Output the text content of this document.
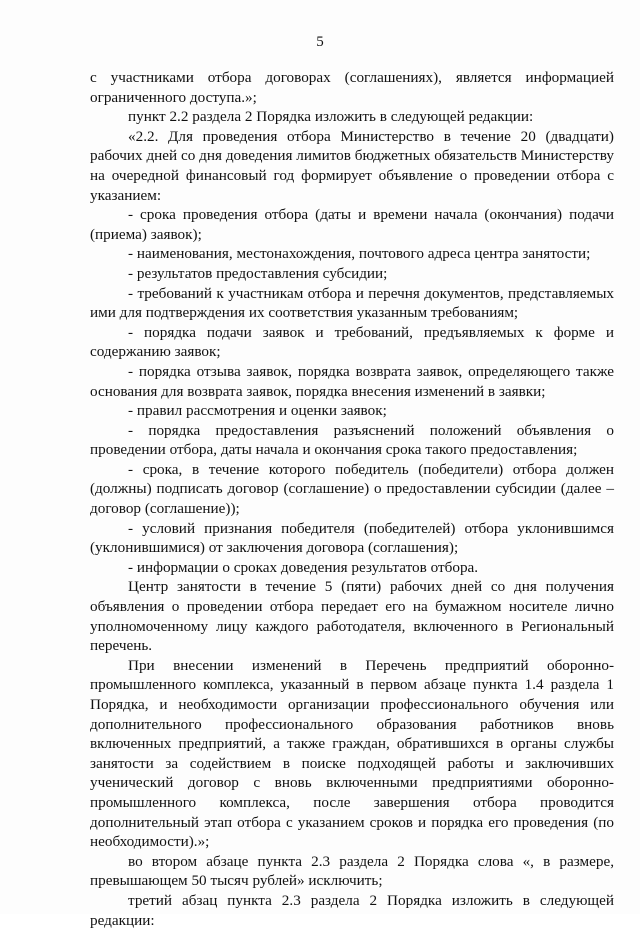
5

с участниками отбора договорах (соглашениях), является информацией ограниченного доступа.»;

пункт 2.2 раздела 2 Порядка изложить в следующей редакции:

«2.2. Для проведения отбора Министерство в течение 20 (двадцати) рабочих дней со дня доведения лимитов бюджетных обязательств Министерству на очередной финансовый год формирует объявление о проведении отбора с указанием:

- срока проведения отбора (даты и времени начала (окончания) подачи (приема) заявок);

- наименования, местонахождения, почтового адреса центра занятости;

- результатов предоставления субсидии;

- требований к участникам отбора и перечня документов, представляемых ими для подтверждения их соответствия указанным требованиям;

- порядка подачи заявок и требований, предъявляемых к форме и содержанию заявок;

- порядка отзыва заявок, порядка возврата заявок, определяющего также основания для возврата заявок, порядка внесения изменений в заявки;

- правил рассмотрения и оценки заявок;

- порядка предоставления разъяснений положений объявления о проведении отбора, даты начала и окончания срока такого предоставления;

- срока, в течение которого победитель (победители) отбора должен (должны) подписать договор (соглашение) о предоставлении субсидии (далее – договор (соглашение));

- условий признания победителя (победителей) отбора уклонившимся (уклонившимися) от заключения договора (соглашения);

- информации о сроках доведения результатов отбора.

Центр занятости в течение 5 (пяти) рабочих дней со дня получения объявления о проведении отбора передает его на бумажном носителе лично уполномоченному лицу каждого работодателя, включенного в Региональный перечень.

При внесении изменений в Перечень предприятий оборонно-промышленного комплекса, указанный в первом абзаце пункта 1.4 раздела 1 Порядка, и необходимости организации профессионального обучения или дополнительного профессионального образования работников вновь включенных предприятий, а также граждан, обратившихся в органы службы занятости за содействием в поиске подходящей работы и заключивших ученический договор с вновь включенными предприятиями оборонно-промышленного комплекса, после завершения отбора проводится дополнительный этап отбора с указанием сроков и порядка его проведения (по необходимости).»;

во втором абзаце пункта 2.3 раздела 2 Порядка слова «, в размере, превышающем 50 тысяч рублей» исключить;

третий абзац пункта 2.3 раздела 2 Порядка изложить в следующей редакции:
